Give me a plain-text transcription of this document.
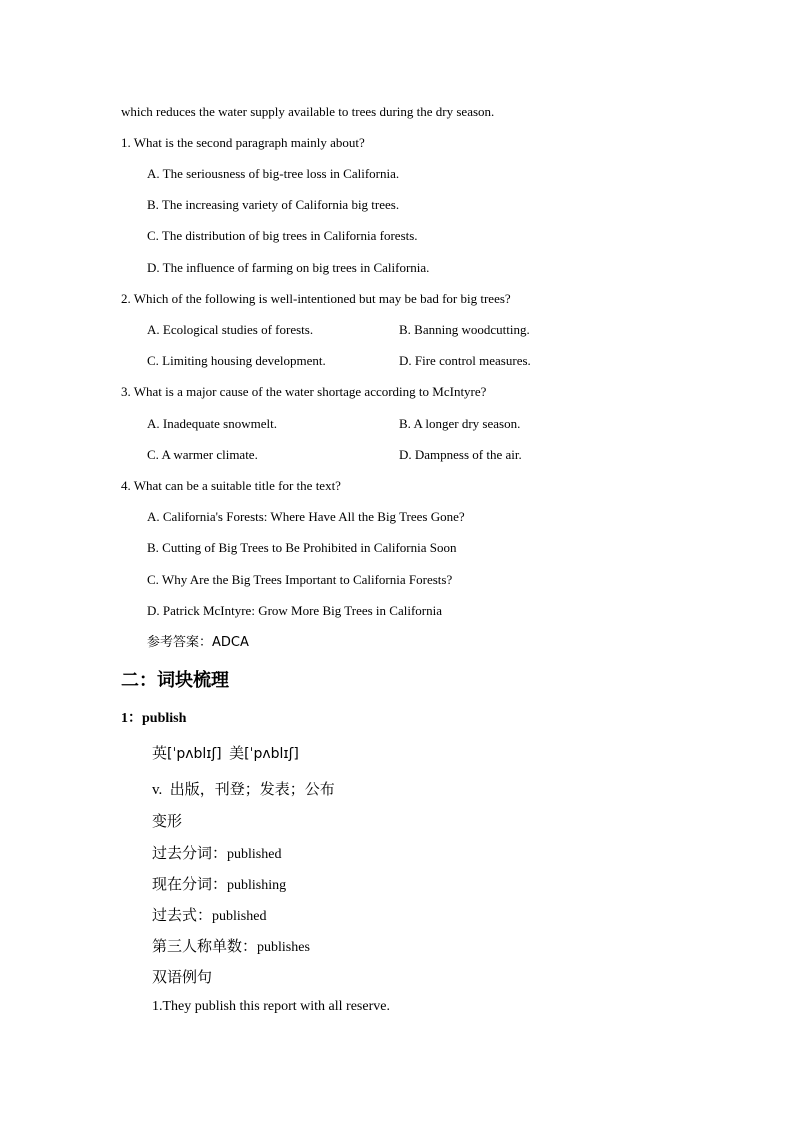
which reduces the water supply available to trees during the dry season.
1. What is the second paragraph mainly about?
A. The seriousness of big-tree loss in California.
B. The increasing variety of California big trees.
C. The distribution of big trees in California forests.
D. The influence of farming on big trees in California.
2. Which of the following is well-intentioned but may be bad for big trees?
A. Ecological studies of forests.	B. Banning woodcutting.
C. Limiting housing development.	D. Fire control measures.
3. What is a major cause of the water shortage according to McIntyre?
A. Inadequate snowmelt.	B. A longer dry season.
C. A warmer climate.	D. Dampness of the air.
4. What can be a suitable title for the text?
A. California's Forests: Where Have All the Big Trees Gone?
B. Cutting of Big Trees to Be Prohibited in California Soon
C. Why Are the Big Trees Important to California Forests?
D. Patrick McIntyre: Grow More Big Trees in California
参考答案：ADCA
二：词块梳理
1：publish
英[ˈpʌblɪʃ] 美[ˈpʌblɪʃ]
v. 出版，刊登；发表；公布
变形
过去分词：published
现在分词：publishing
过去式：published
第三人称单数：publishes
双语例句
1.They publish this report with all reserve.
